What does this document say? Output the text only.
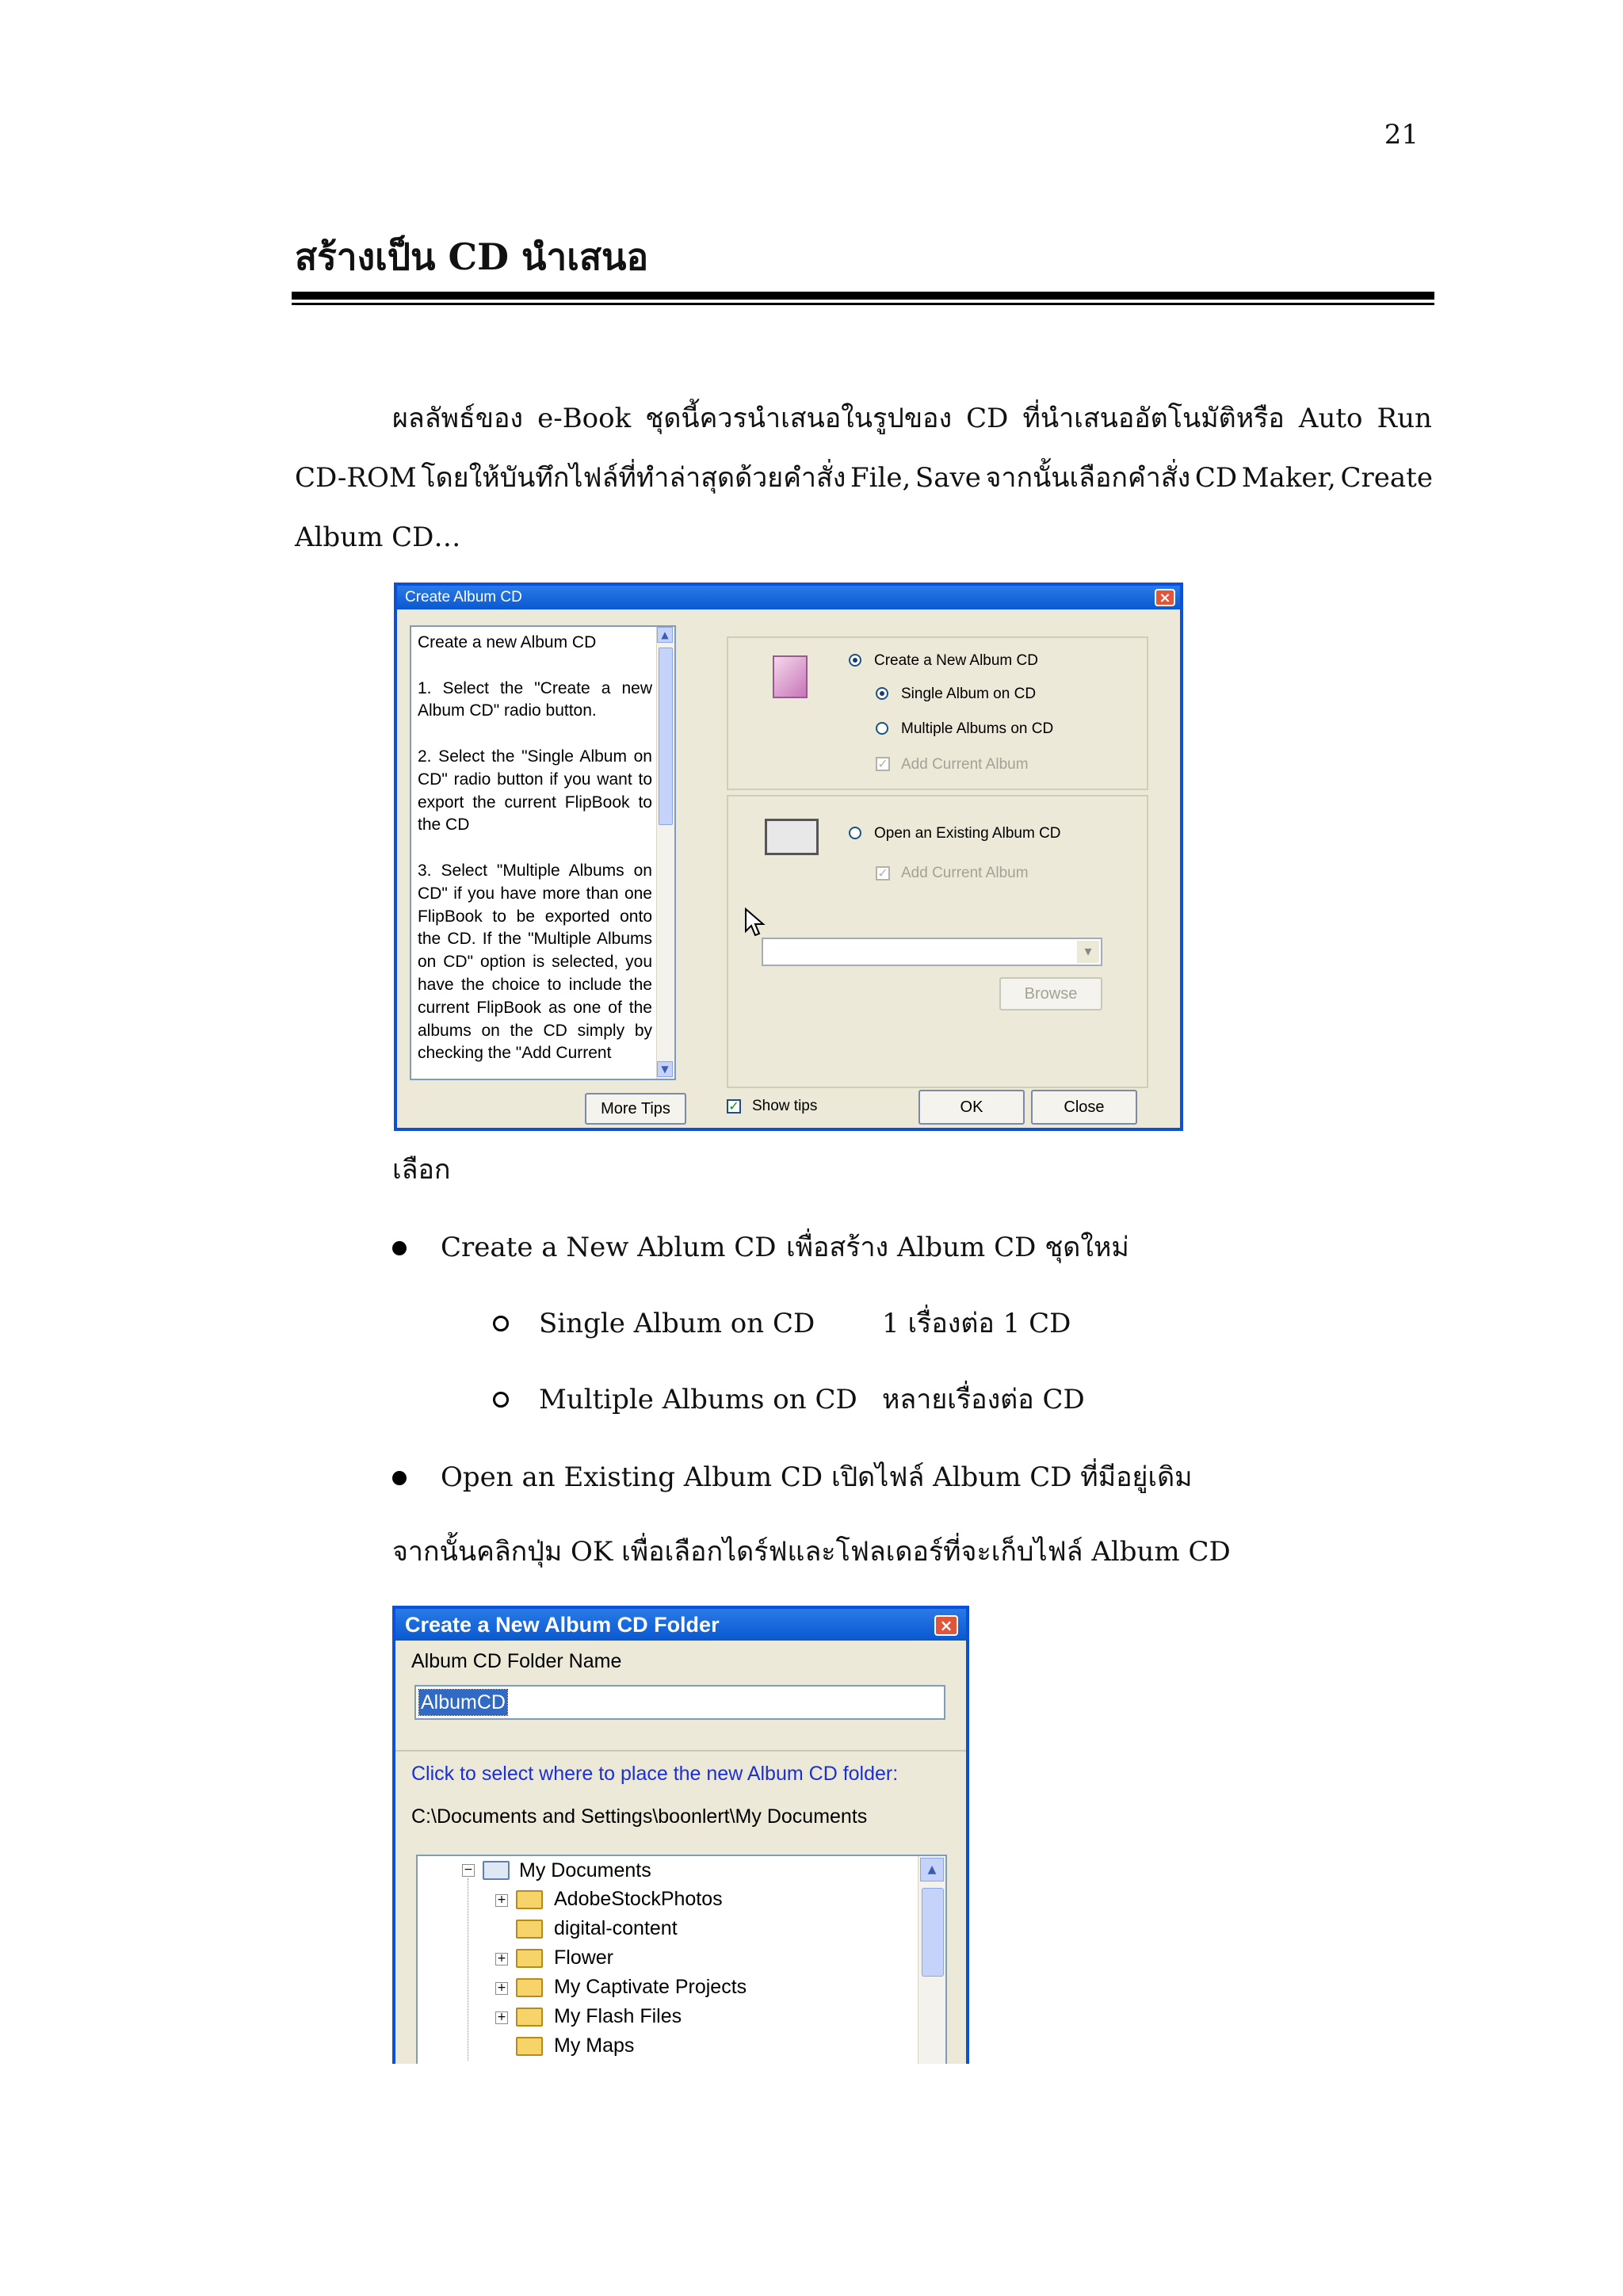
21
สร้างเป็น CD นำเสนอ
ผลลัพธ์ของ e-Book ชุดนี้ควรนำเสนอในรูปของ CD ที่นำเสนออัตโนมัติหรือ Auto Run
CD-ROM โดยให้บันทึกไฟล์ที่ทำล่าสุดด้วยคำสั่ง File, Save จากนั้นเลือกคำสั่ง CD Maker, Create
Album CD…
Create Album CD	×

Create a new Album CD

1. Select the "Create a new Album CD" radio button.

2. Select the "Single Album on CD" radio button if you want to export the current FlipBook to the CD

3. Select "Multiple Albums on CD" if you have more than one FlipBook to be exported onto the CD. If the "Multiple Albums on CD" option is selected, you have the choice to include the current FlipBook as one of the albums on the CD simply by checking the "Add Current

▲
▼
More Tips
Create a New Album CD
Single Album on CD
Multiple Albums on CD
✓ Add Current Album
Open an Existing Album CD
✓ Add Current Album
▾
Browse
✓ Show tips	OK	Close
เลือก
Create a New Ablum CD เพื่อสร้าง Album CD ชุดใหม่
Single Album on CD 1 เรื่องต่อ 1 CD
Multiple Albums on CD หลายเรื่องต่อ CD
Open an Existing Album CD เปิดไฟล์ Album CD ที่มีอยู่เดิม
จากนั้นคลิกปุ่ม OK เพื่อเลือกไดร์ฟและโฟลเดอร์ที่จะเก็บไฟล์ Album CD
Create a New Album CD Folder	×
Album CD Folder Name
AlbumCD
Click to select where to place the new Album CD folder:
C:\Documents and Settings\boonlert\My Documents
− My Documents
+ AdobeStockPhotos
digital-content
+ Flower
+ My Captivate Projects
+ My Flash Files
My Maps
▲
